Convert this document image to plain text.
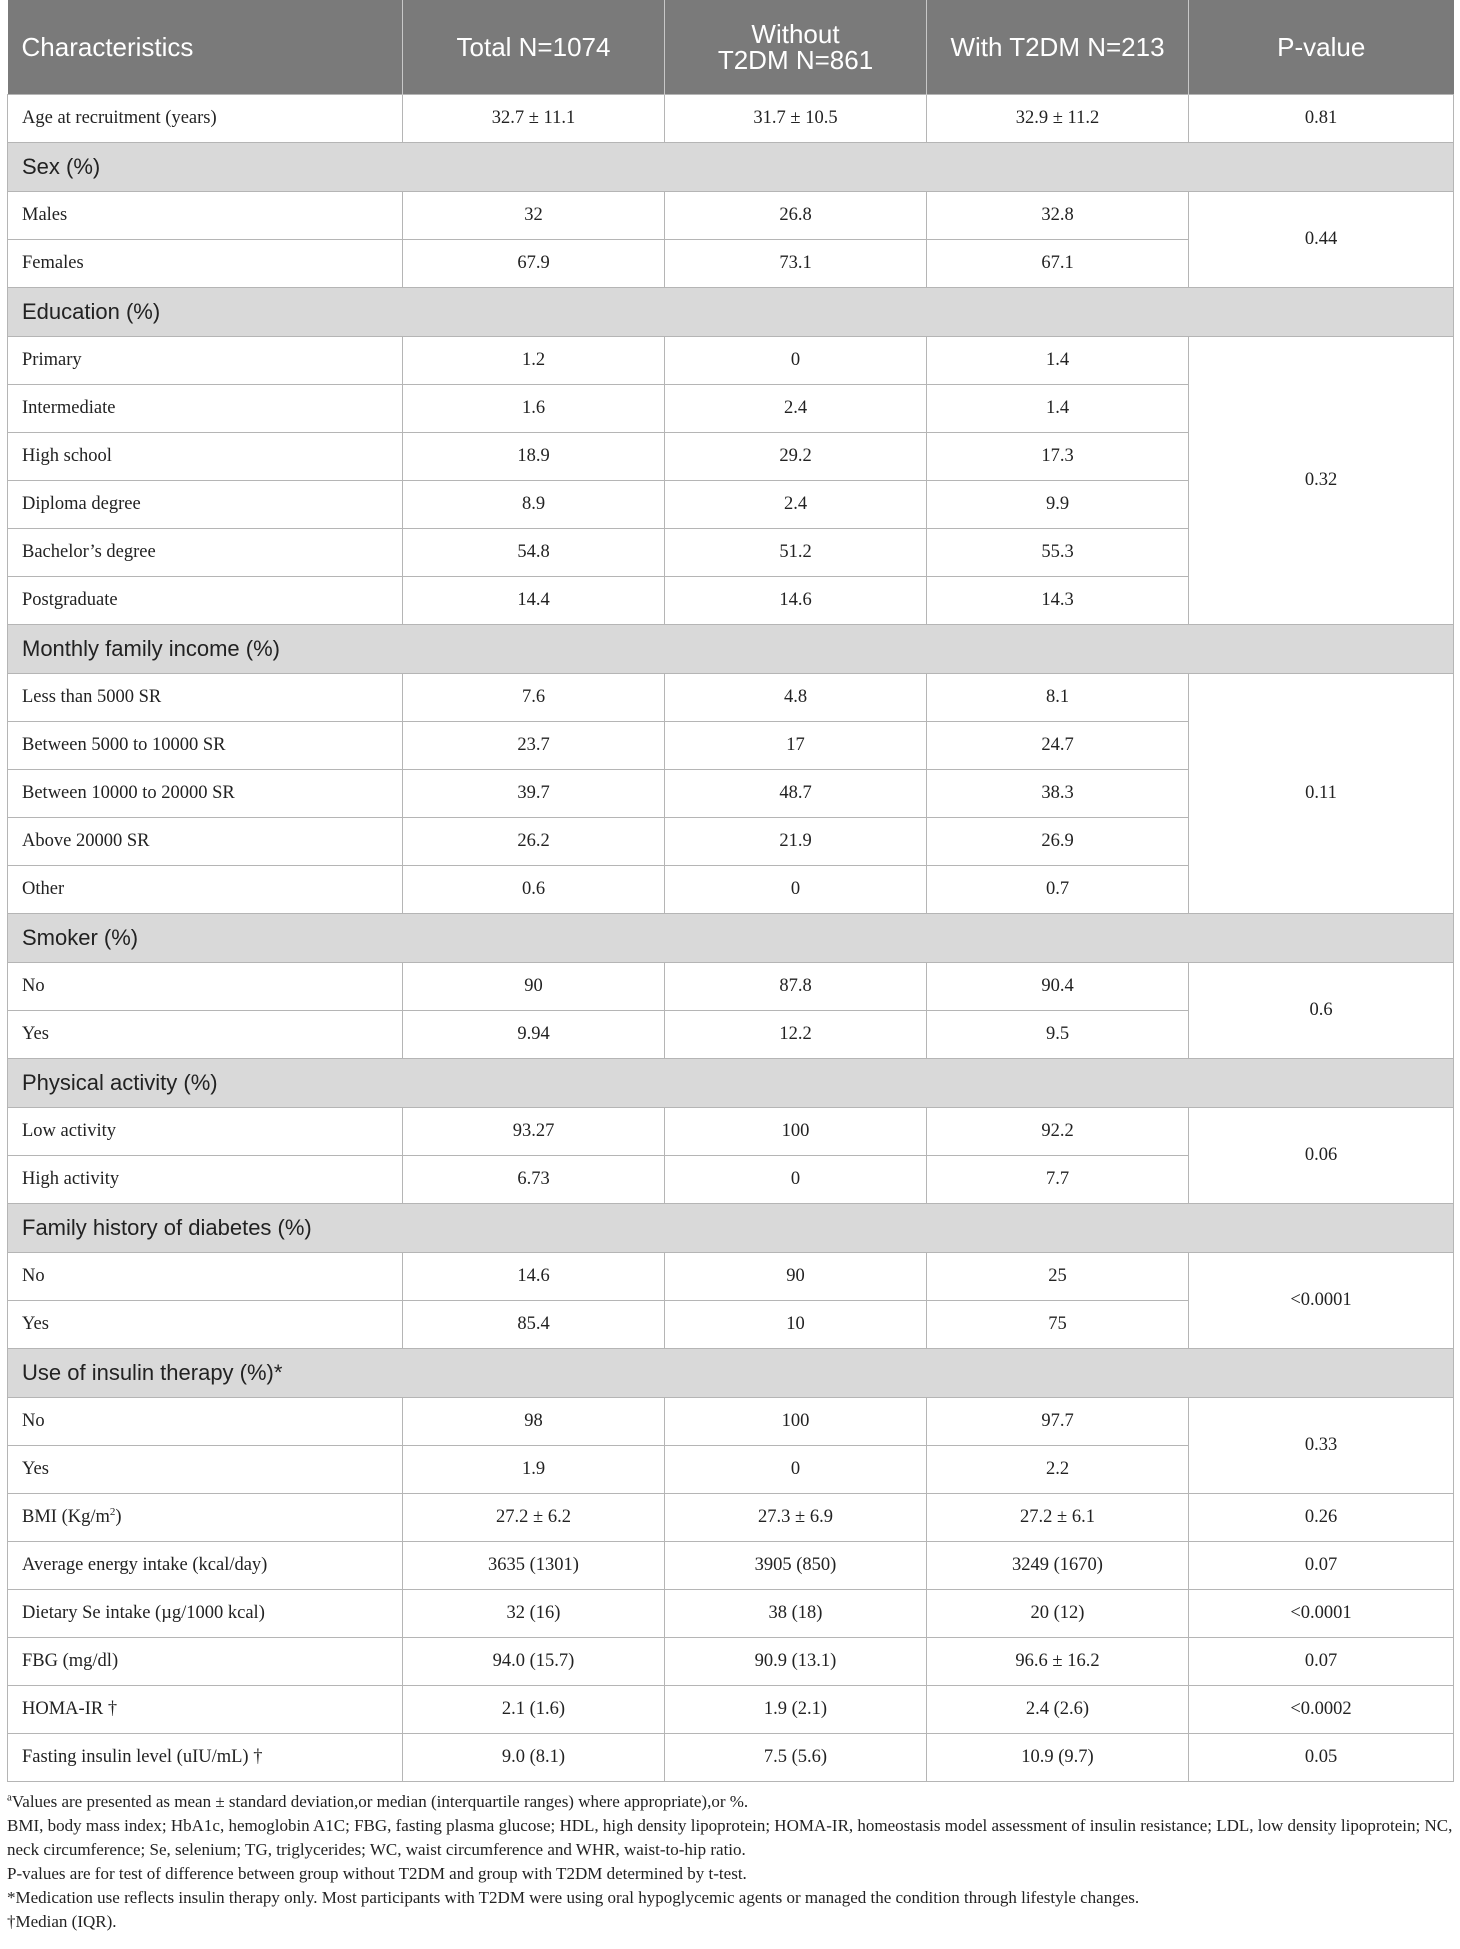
Characteristics	Total N=1074	Without
T2DM N=861	With T2DM N=213	P-value
Age at recruitment (years)	32.7 ± 11.1	31.7 ± 10.5	32.9 ± 11.2	0.81
Sex (%)				
Males	32	26.8	32.8	0.44
Females	67.9	73.1	67.1	
Education (%)				
Primary	1.2	0	1.4	0.32
Intermediate	1.6	2.4	1.4	
High school	18.9	29.2	17.3	
Diploma degree	8.9	2.4	9.9	
Bachelor’s degree	54.8	51.2	55.3	
Postgraduate	14.4	14.6	14.3	
Monthly family income (%)				
Less than 5000 SR	7.6	4.8	8.1	0.11
Between 5000 to 10000 SR	23.7	17	24.7	
Between 10000 to 20000 SR	39.7	48.7	38.3	
Above 20000 SR	26.2	21.9	26.9	
Other	0.6	0	0.7	
Smoker (%)				
No	90	87.8	90.4	0.6
Yes	9.94	12.2	9.5	
Physical activity (%)				
Low activity	93.27	100	92.2	0.06
High activity	6.73	0	7.7	
Family history of diabetes (%)				
No	14.6	90	25	<0.0001
Yes	85.4	10	75	
Use of insulin therapy (%)*				
No	98	100	97.7	0.33
Yes	1.9	0	2.2	
BMI $(Kg/m^2)$	27.2 ± 6.2	27.3 ± 6.9	27.2 ± 6.1	0.26
Average energy intake (kcal/day)	3635 (1301)	3905 (850)	3249 (1670)	0.07
Dietary Se intake (µg/1000 kcal)	32 (16)	38 (18)	20 (12)	<0.0001
FBG (mg/dl)	94.0 (15.7)	90.9 (13.1)	96.6 ± 16.2	0.07
HOMA-IR †	2.1 (1.6)	1.9 (2.1)	2.4 (2.6)	<0.0002
Fasting insulin level (uIU/mL) †	9.0 (8.1)	7.5 (5.6)	10.9 (9.7)	0.05

$^a$Values are presented as mean ± standard deviation,or median (interquartile ranges) where appropriate),or %.

BMI, body mass index; HbA1c, hemoglobin A1C; FBG, fasting plasma glucose; HDL, high density lipoprotein; HOMA-IR, homeostasis model assessment of insulin resistance; LDL, low density lipoprotein; NC, neck circumference; Se, selenium; TG, triglycerides; WC, waist circumference and WHR, waist-to-hip ratio.

P-values are for test of difference between group without T2DM and group with T2DM determined by t-test.

*Medication use reflects insulin therapy only. Most participants with T2DM were using oral hypoglycemic agents or managed the condition through lifestyle changes.

†Median (IQR).
